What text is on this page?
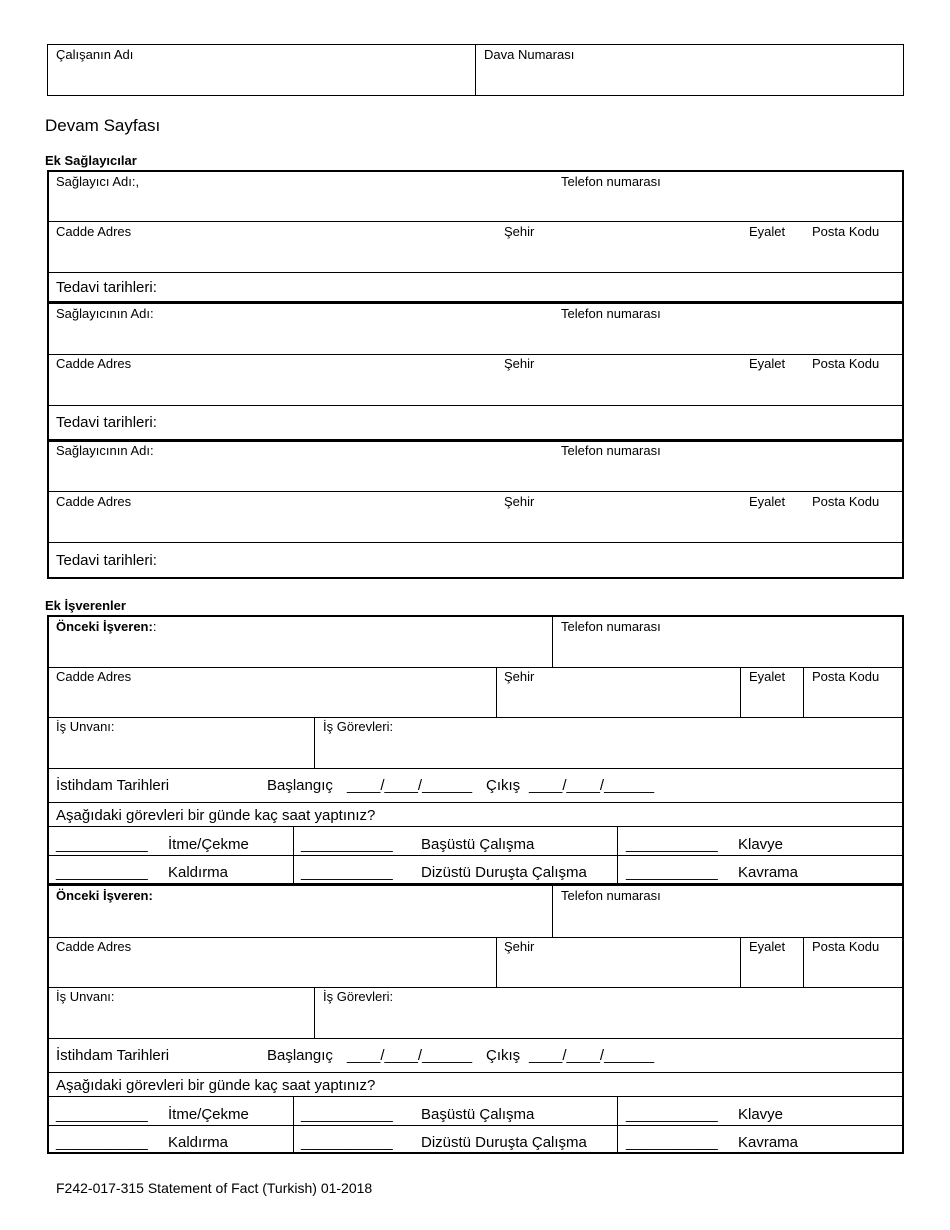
Çalışanın Adı	Dava Numarası
Devam Sayfası
Ek Sağlayıcılar
Sağlayıcı Adı:,	Telefon numarası
Cadde Adres	Şehir	Eyalet Posta Kodu
Tedavi tarihleri:
Sağlayıcının Adı:	Telefon numarası
Cadde Adres	Şehir	Eyalet Posta Kodu
Tedavi tarihleri:
Sağlayıcının Adı:	Telefon numarası
Cadde Adres	Şehir	Eyalet Posta Kodu
Tedavi tarihleri:
Ek İşverenler
Önceki İşveren::	Telefon numarası
Cadde Adres	Şehir	Eyalet Posta Kodu
İş Unvanı:	İş Görevleri:
İstihdam Tarihleri	Başlangıç ____/____/______ Çıkış ____/____/______
Aşağıdaki görevleri bir günde kaç saat yaptınız?
___________ İtme/Çekme	___________ Başüstü Çalışma	___________ Klavye
___________ Kaldırma	___________ Dizüstü Duruşta Çalışma	___________ Kavrama
Önceki İşveren:	Telefon numarası
Cadde Adres	Şehir	Eyalet Posta Kodu
İş Unvanı:	İş Görevleri:
İstihdam Tarihleri	Başlangıç ____/____/______ Çıkış ____/____/______
Aşağıdaki görevleri bir günde kaç saat yaptınız?
___________ İtme/Çekme	___________ Başüstü Çalışma	___________ Klavye
___________ Kaldırma	___________ Dizüstü Duruşta Çalışma	___________ Kavrama
F242-017-315 Statement of Fact (Turkish) 01-2018
